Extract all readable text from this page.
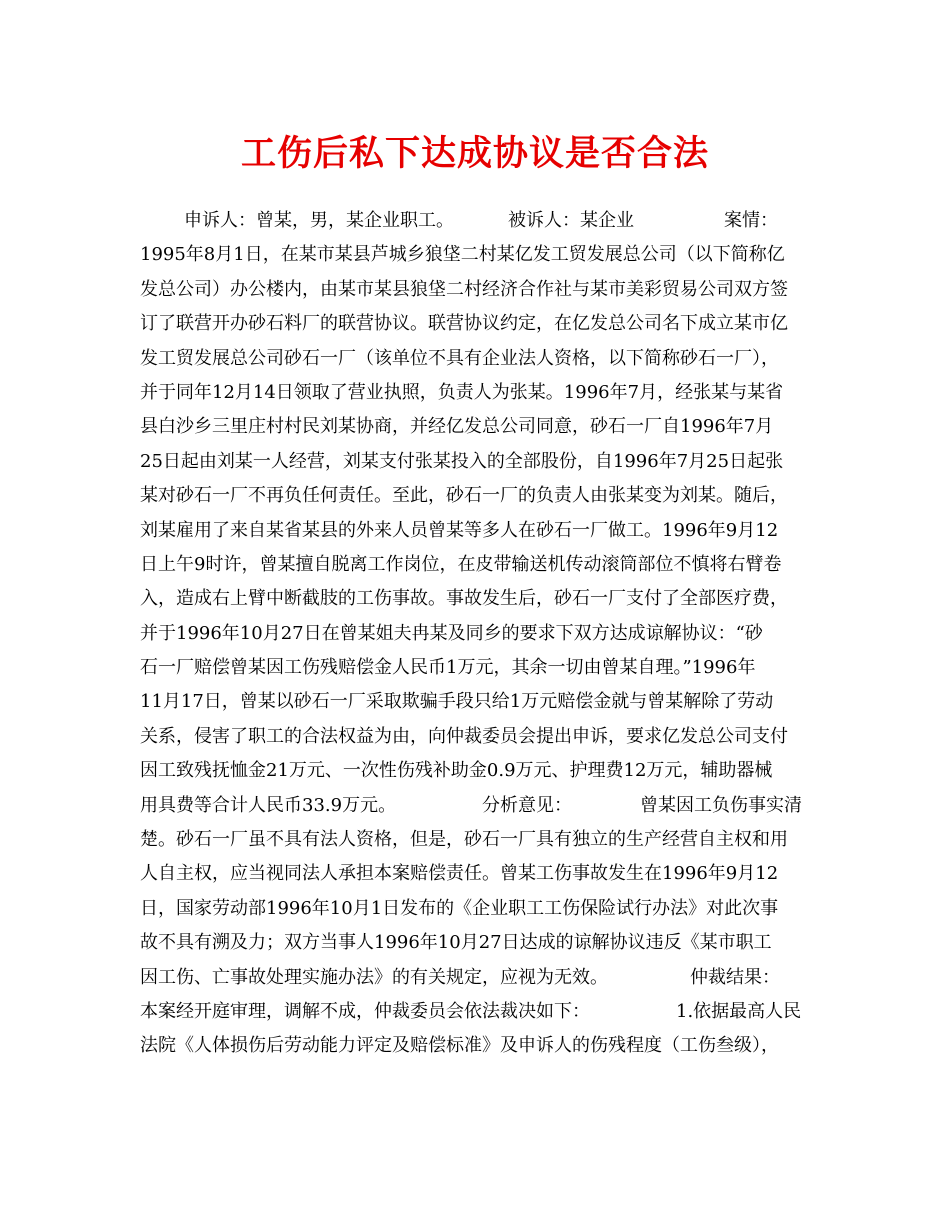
工伤后私下达成协议是否合法
申诉人：曾某，男，某企业职工。	被诉人：某企业	案情：
1995年8月1日，在某市某县芦城乡狼垡二村某亿发工贸发展总公司（以下简称亿
发总公司）办公楼内，由某市某县狼垡二村经济合作社与某市美彩贸易公司双方签
订了联营开办砂石料厂的联营协议。联营协议约定，在亿发总公司名下成立某市亿
发工贸发展总公司砂石一厂（该单位不具有企业法人资格，以下简称砂石一厂），
并于同年12月14日领取了营业执照，负责人为张某。1996年7月，经张某与某省
县白沙乡三里庄村村民刘某协商，并经亿发总公司同意，砂石一厂自1996年7月
25日起由刘某一人经营，刘某支付张某投入的全部股份，自1996年7月25日起张
某对砂石一厂不再负任何责任。至此，砂石一厂的负责人由张某变为刘某。随后，
刘某雇用了来自某省某县的外来人员曾某等多人在砂石一厂做工。1996年9月12
日上午9时许，曾某擅自脱离工作岗位，在皮带输送机传动滚筒部位不慎将右臂卷
入，造成右上臂中断截肢的工伤事故。事故发生后，砂石一厂支付了全部医疗费，
并于1996年10月27日在曾某姐夫冉某及同乡的要求下双方达成谅解协议：“砂
石一厂赔偿曾某因工伤残赔偿金人民币1万元，其余一切由曾某自理。”1996年
11月17日，曾某以砂石一厂采取欺骗手段只给1万元赔偿金就与曾某解除了劳动
关系，侵害了职工的合法权益为由，向仲裁委员会提出申诉，要求亿发总公司支付
因工致残抚恤金21万元、一次性伤残补助金0.9万元、护理费12万元，辅助器械
用具费等合计人民币33.9万元。	分析意见：	曾某因工负伤事实清
楚。砂石一厂虽不具有法人资格，但是，砂石一厂具有独立的生产经营自主权和用
人自主权，应当视同法人承担本案赔偿责任。曾某工伤事故发生在1996年9月12
日，国家劳动部1996年10月1日发布的《企业职工工伤保险试行办法》对此次事
故不具有溯及力；双方当事人1996年10月27日达成的谅解协议违反《某市职工
因工伤、亡事故处理实施办法》的有关规定，应视为无效。	仲裁结果：
本案经开庭审理，调解不成，仲裁委员会依法裁决如下：	1.依据最高人民
法院《人体损伤后劳动能力评定及赔偿标准》及申诉人的伤残程度（工伤叁级），
